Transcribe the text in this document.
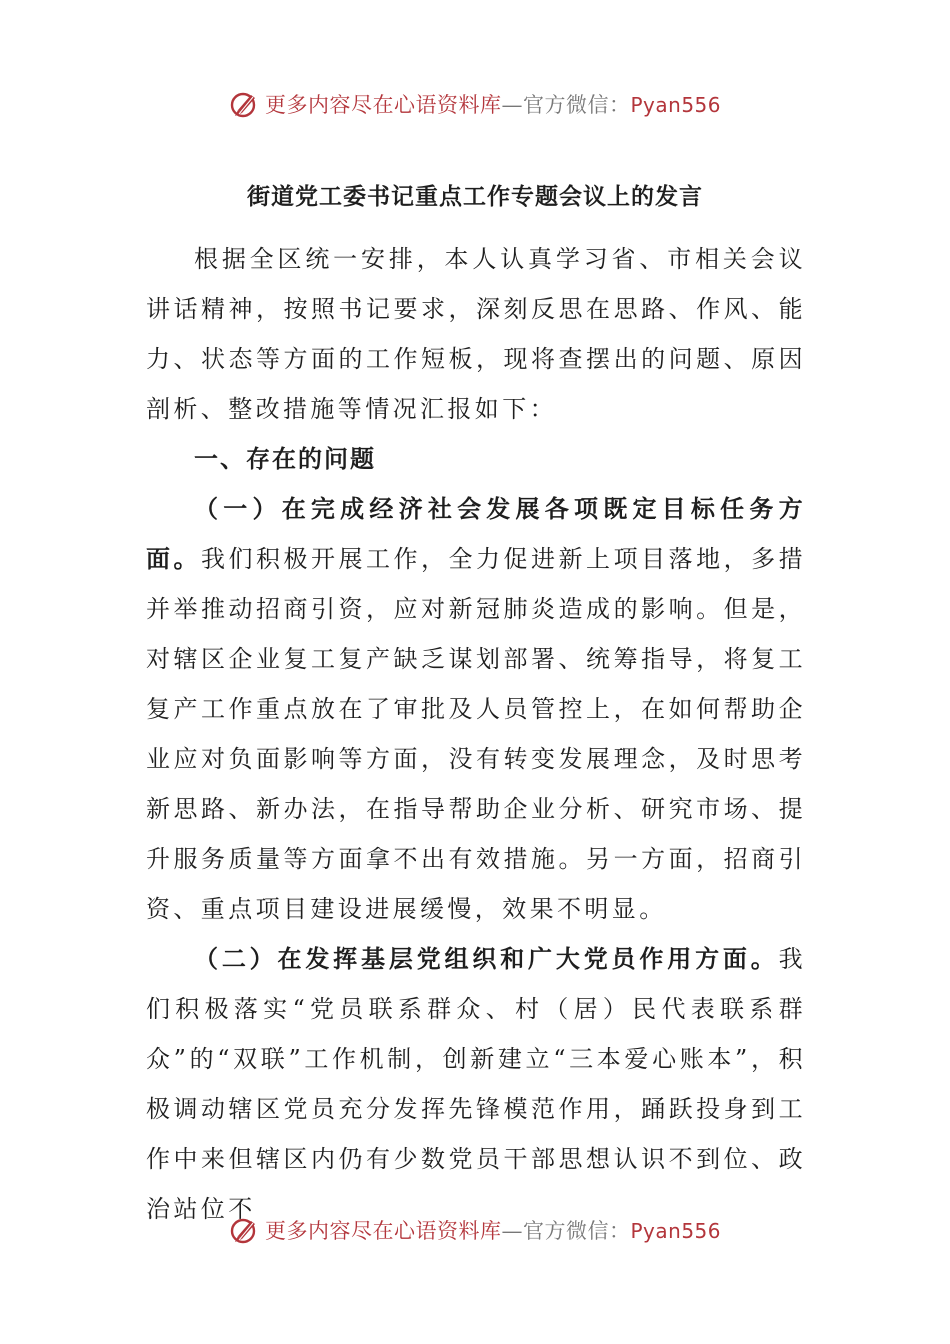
更多内容尽在心语资料库—官方微信：Pyan556
街道党工委书记重点工作专题会议上的发言

根据全区统一安排，本人认真学习省、市相关会议讲话精神，按照书记要求，深刻反思在思路、作风、能力、状态等方面的工作短板，现将查摆出的问题、原因剖析、整改措施等情况汇报如下：

一、存在的问题

（一）在完成经济社会发展各项既定目标任务方面。我们积极开展工作，全力促进新上项目落地，多措并举推动招商引资，应对新冠肺炎造成的影响。但是，对辖区企业复工复产缺乏谋划部署、统筹指导，将复工复产工作重点放在了审批及人员管控上，在如何帮助企业应对负面影响等方面，没有转变发展理念，及时思考新思路、新办法，在指导帮助企业分析、研究市场、提升服务质量等方面拿不出有效措施。另一方面，招商引资、重点项目建设进展缓慢，效果不明显。

（二）在发挥基层党组织和广大党员作用方面。我们积极落实“党员联系群众、村（居）民代表联系群众”的“双联”工作机制，创新建立“三本爱心账本”，积极调动辖区党员充分发挥先锋模范作用，踊跃投身到工作中来但辖区内仍有少数党员干部思想认识不到位、政治站位不

更多内容尽在心语资料库—官方微信：Pyan556
